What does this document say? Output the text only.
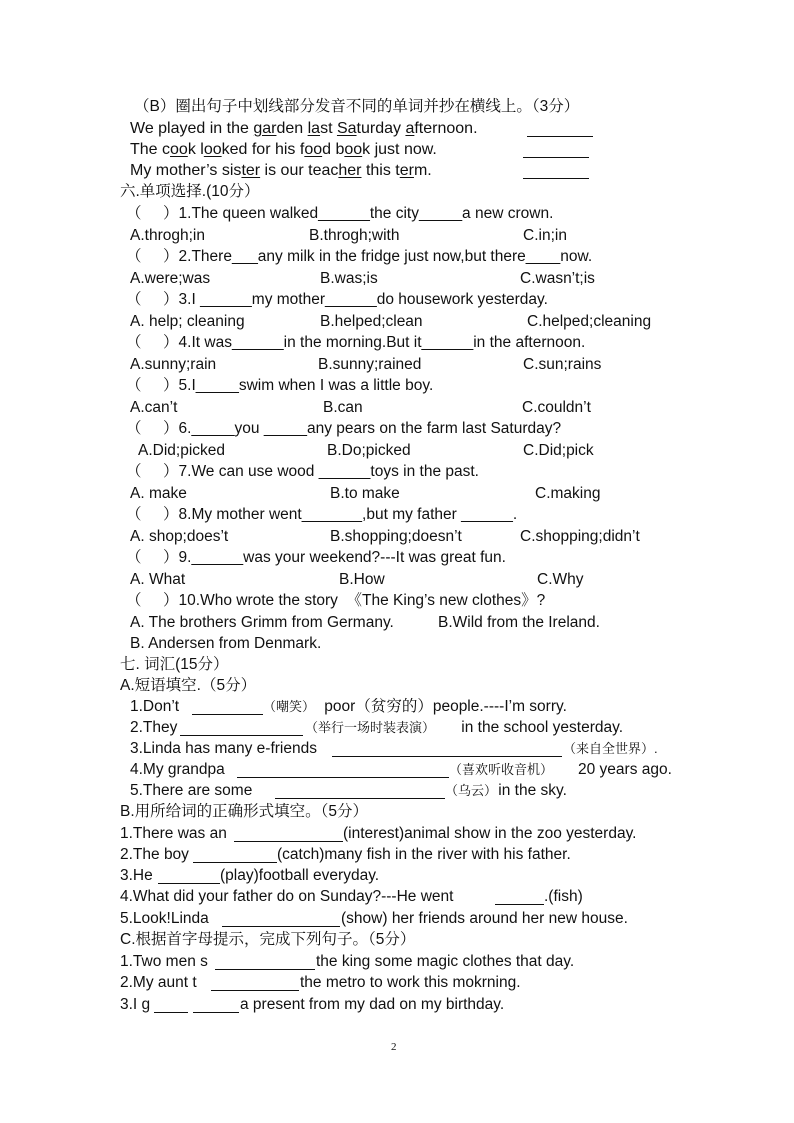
（B）圈出句子中划线部分发音不同的单词并抄在横线上。（3分）
We played in the garden last Saturday afternoon.
The cook looked for his food book just now.
My mother’s sister is our teacher this term.
六.单项选择.(10分）
（     ）1.The queen walked______the city_____a new crown.
A.throgh;in	B.throgh;with	C.in;in
（     ）2.There___any milk in the fridge just now,but there____now.
A.were;was	B.was;is	C.wasn’t;is
（     ）3.I ______my mother______do housework yesterday.
A. help; cleaning	B.helped;clean	C.helped;cleaning
（     ）4.It was______in the morning.But it______in the afternoon.
A.sunny;rain	B.sunny;rained	C.sun;rains
（     ）5.I_____swim when I was a little boy.
A.can’t	B.can	C.couldn’t
（     ）6._____you _____any pears on the farm last Saturday?
A.Did;picked	B.Do;picked	C.Did;pick
（     ）7.We can use wood ______toys in the past.
A. make	B.to make	C.making
（     ）8.My mother went_______,but my father ______.
A. shop;does’t	B.shopping;doesn’t	C.shopping;didn’t
（     ）9.______was your weekend?---It was great fun.
A. What	B.How	C.Why
（     ）10.Who wrote the story  《The King’s new clothes》?
A. The brothers Grimm from Germany.	B.Wild from the Ireland.
B. Andersen from Denmark.
七. 词汇(15分）
A.短语填空.（5分）
1.Don’t	（嘲笑） poor（贫穷的）people.----I’m sorry.
2.They	（举行一场时装表演） in the school yesterday.
3.Linda has many e-friends	（来自全世界）.
4.My grandpa	（喜欢听收音机） 20 years ago.
5.There are some	（乌云）
in the sky.
B.用所给词的正确形式填空。（5分）
1.There was an	(interest)animal show in the zoo yesterday.
2.The boy	(catch)many fish in the river with his father.
3.He	(play)football everyday.
4.What did your father do on Sunday?---He went	.(fish)
5.Look!Linda	(show) her friends around her new house.
C.根据首字母提示，完成下列句子。（5分）
1.Two men s	the king some magic clothes that day.
2.My aunt t	the metro to work this mokrning.
3.I g	a present from my dad on my birthday.
2
